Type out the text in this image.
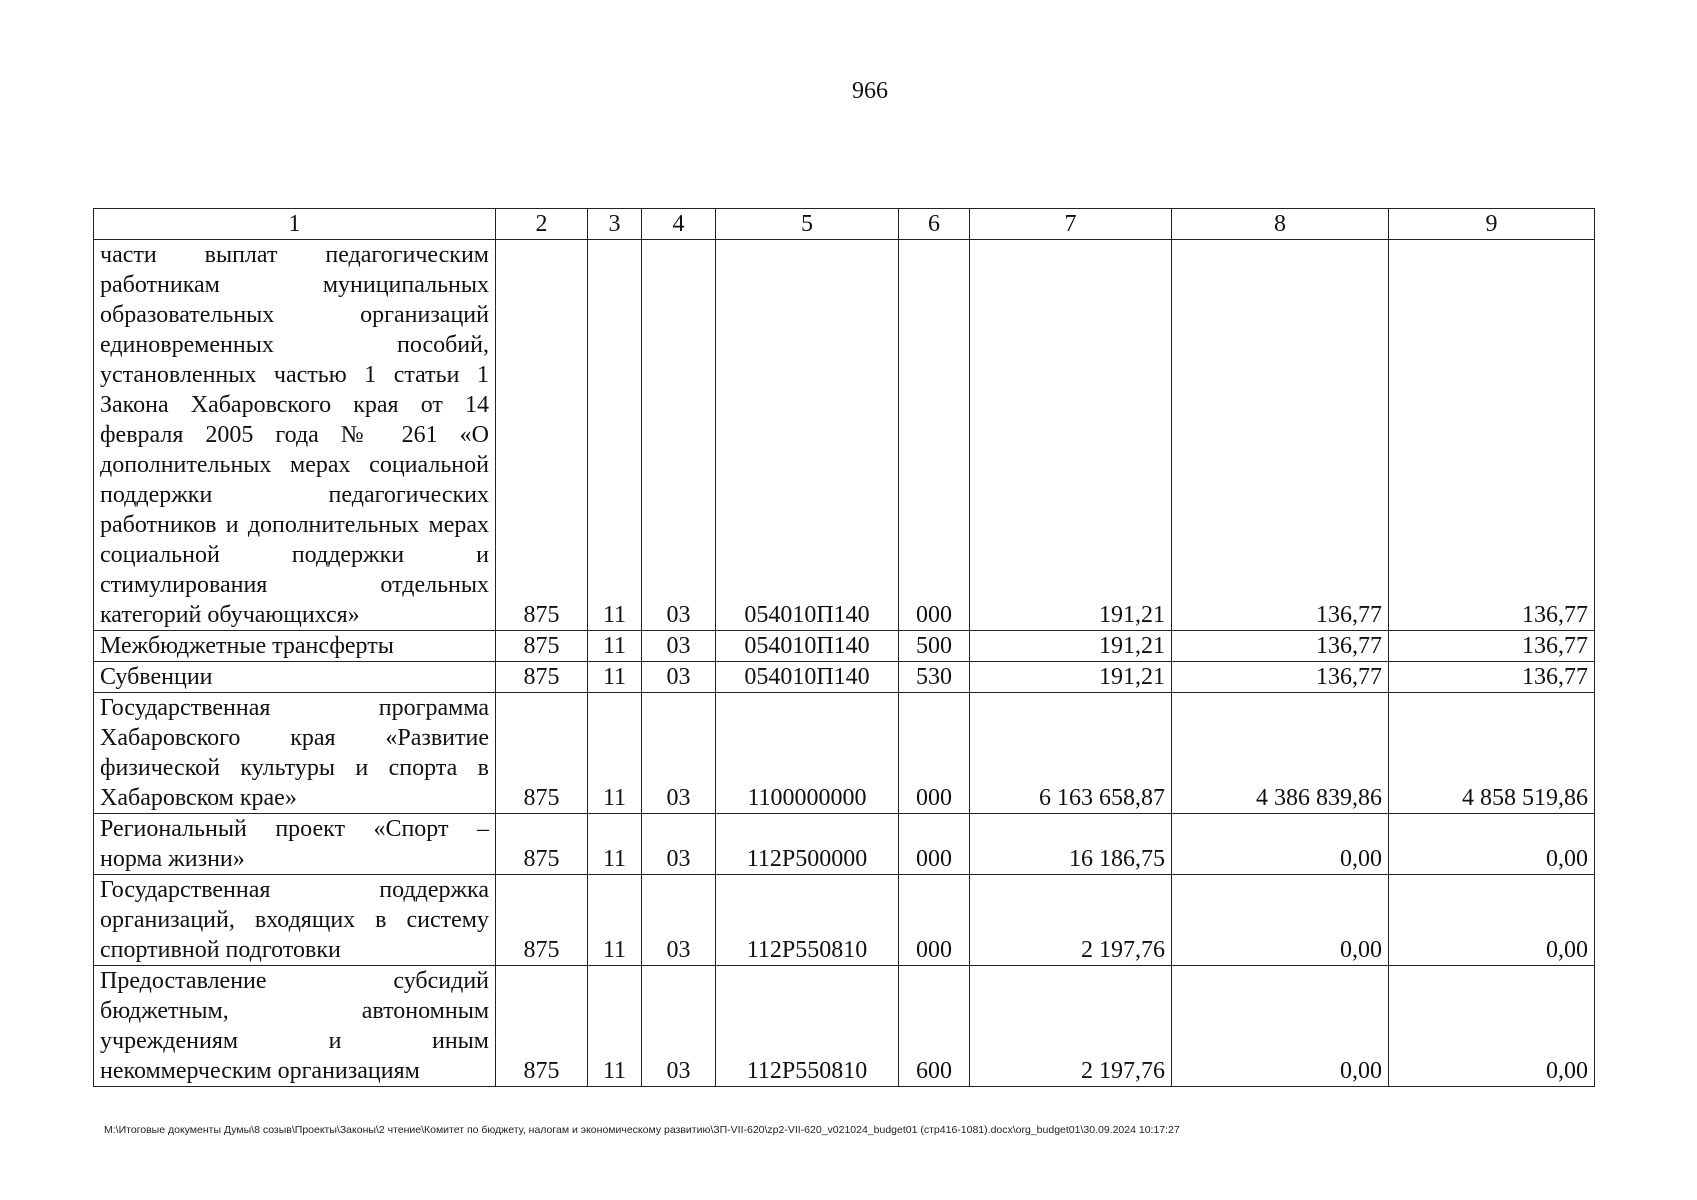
966
1	2	3	4	5	6	7	8	9
части выплат педагогическим работникам муниципальных образовательных организаций единовременных пособий, установленных частью 1 статьи 1 Закона Хабаровского края от 14 февраля 2005 года № 261 «О дополнительных мерах социальной поддержки педагогических работников и дополнительных мерах социальной поддержки и стимулирования отдельных категорий обучающихся»	875	11	03	054010П140	000	191,21	136,77	136,77
Межбюджетные трансферты	875	11	03	054010П140	500	191,21	136,77	136,77
Субвенции	875	11	03	054010П140	530	191,21	136,77	136,77
Государственная программа Хабаровского края «Развитие физической культуры и спорта в Хабаровском крае»	875	11	03	1100000000	000	6 163 658,87	4 386 839,86	4 858 519,86
Региональный проект «Спорт – норма жизни»	875	11	03	112Р500000	000	16 186,75	0,00	0,00
Государственная поддержка организаций, входящих в систему спортивной подготовки	875	11	03	112Р550810	000	2 197,76	0,00	0,00
Предоставление субсидий бюджетным, автономным учреждениям и иным некоммерческим организациям	875	11	03	112Р550810	600	2 197,76	0,00	0,00
M:\Итоговые документы Думы\8 созыв\Проекты\Законы\2 чтение\Комитет по бюджету, налогам и экономическому развитию\ЗП-VII-620\zp2-VII-620_v021024_budget01 (стр416-1081).docx\org_budget01\30.09.2024 10:17:27
